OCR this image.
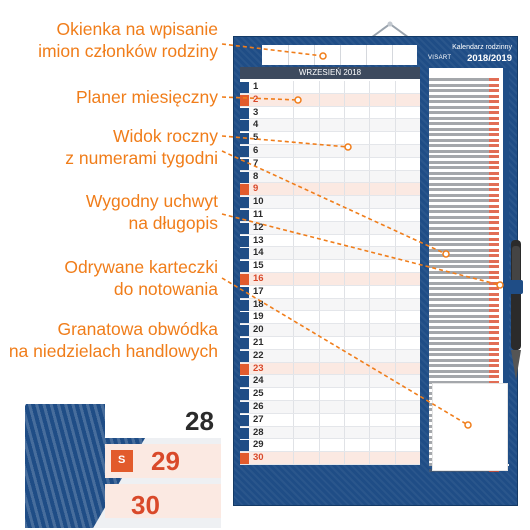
Okienka na wpisanie
imion członków rodziny
Planer miesięczny
Widok roczny
z numerami tygodni
Wygodny uchwyt
na długopis
Odrywane karteczki
do notowania
Granatowa obwódka
na niedzielach handlowych
Kalendarz rodzinny
VISART 2018/2019
WRZESIEŃ 2018
1
2
3
4
5
6
7
8
9
10
11
12
13
14
15
16
17
18
19
20
21
22
23
24
25
26
27
28
29
30
28
S 29
30
